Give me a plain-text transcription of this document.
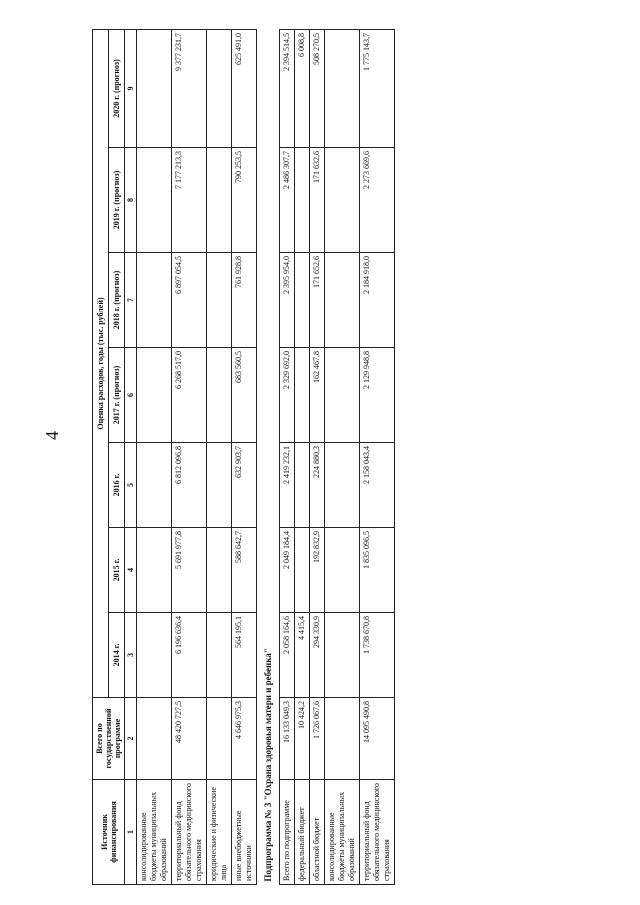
4
Источник финансирования	Всего по государственной программе	Оценка расходов, годы (тыс. рублей)						
		2014 г.	2015 г.	2016 г.	2017 г. (прогноз)	2018 г. (прогноз)	2019 г. (прогноз)	2020 г. (прогноз)
1	2	3	4	5	6	7	8	9
консолидированные бюджеты муниципальных образований								
территориальный фонд обязательного медицинского страхования	48 420 727,5	6 196 636,4	5 691 977,8	6 812 096,8	6 268 517,0	6 897 054,5	7 177 213,3	9 377 231,7
юридические и физические лица								
иные внебюджетные источники	4 646 975,3	564 195,1	588 642,7	632 903,7	683 560,5	761 928,8	790 253,5	625 491,0
Подпрограмма № 3 "Охрана здоровья матери и ребенка"								
Всего по подпрограмме	16 133 049,3	2 058 164,6	2 049 184,4	2 419 232,1	2 329 692,0	2 395 954,0	2 486 307,7	2 394 514,5
федеральный бюджет	10 424,2	4 415,4						6 008,8
областной бюджет	1 726 067,6	294 330,9	192 832,9	224 880,3	162 467,8	171 652,6	171 632,6	508 270,5
консолидированные бюджеты муниципальных образований								
территориальный фонд обязательного медицинского страхования	14 095 490,8	1 738 670,8	1 835 096,5	2 158 043,4	2 129 948,8	2 184 918,0	2 273 669,6	1 775 143,7
